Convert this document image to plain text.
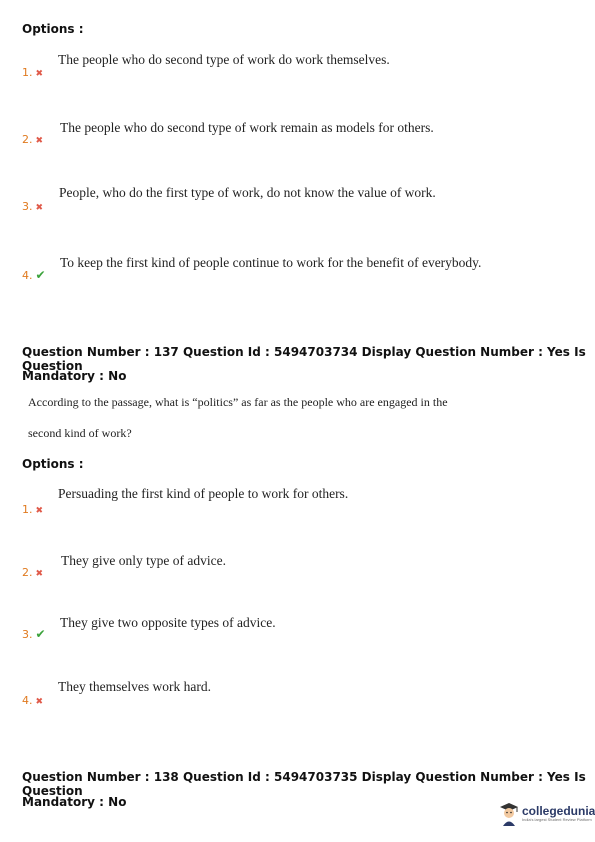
Options :
The people who do second type of work do work themselves.
1. ✖
The people who do second type of work remain as models for others.
2. ✖
People, who do the first type of work, do not know the value of work.
3. ✖
To keep the first kind of people continue to work for the benefit of everybody.
4. ✔
Question Number : 137 Question Id : 5494703734 Display Question Number : Yes Is Question
Mandatory : No
According to the passage, what is “politics” as far as the people who are engaged in the
second kind of work?
Options :
Persuading the first kind of people to work for others.
1. ✖
They give only type of advice.
2. ✖
They give two opposite types of advice.
3. ✔
They themselves work hard.
4. ✖
Question Number : 138 Question Id : 5494703735 Display Question Number : Yes Is Question
Mandatory : No
collegedunia
India's largest Student Review Platform
